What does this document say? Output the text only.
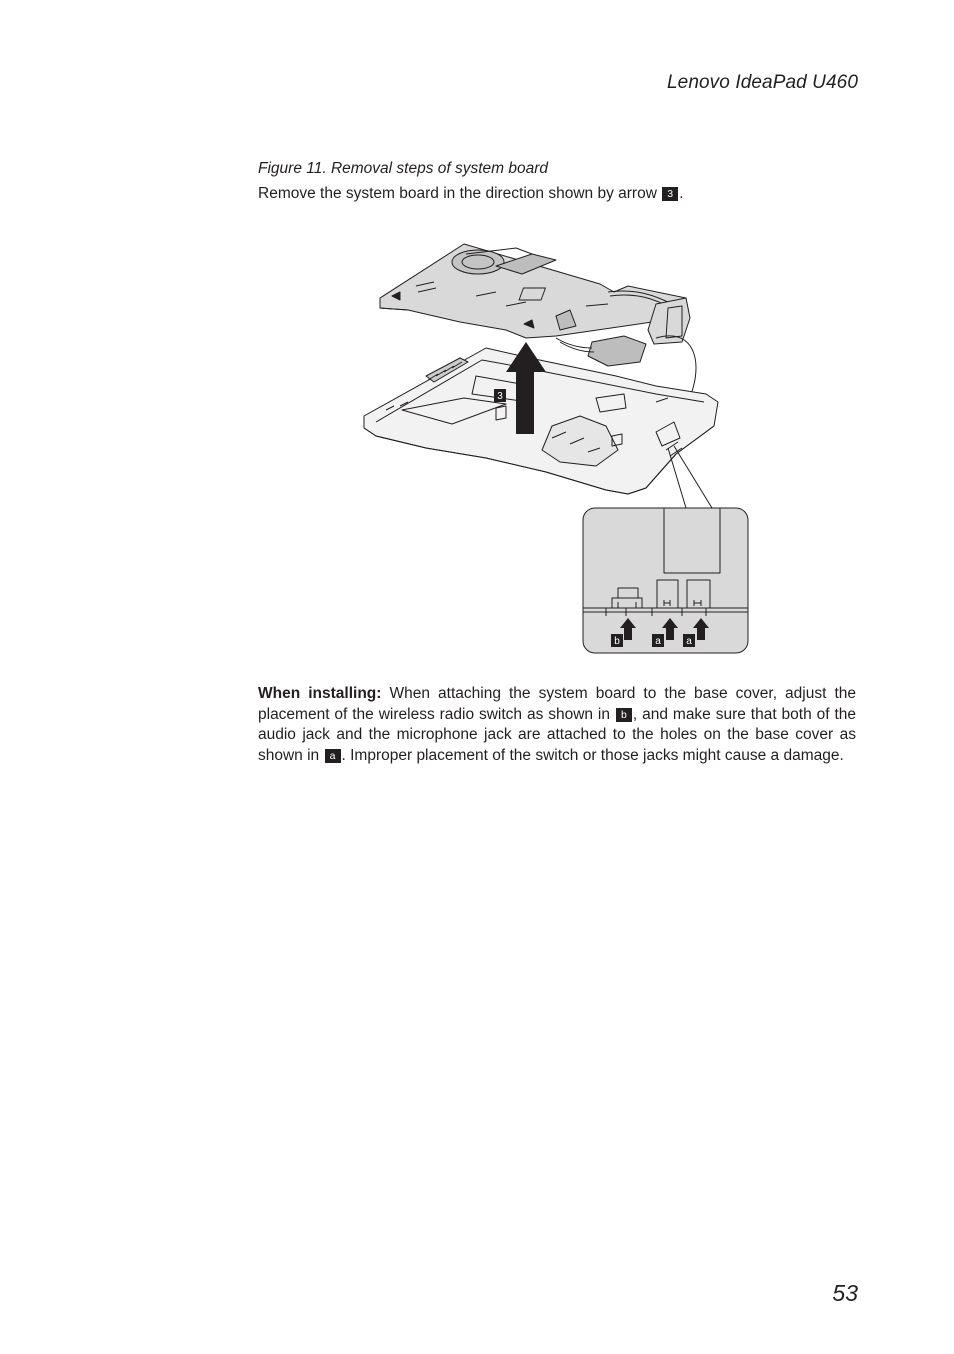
Lenovo IdeaPad U460
Figure 11. Removal steps of system board
Remove the system board in the direction shown by arrow 3 .
3
b	a	a
When installing: When attaching the system board to the base cover, adjust the placement of the wireless radio switch as shown in b , and make sure that both of the audio jack and the microphone jack are attached to the holes on the base cover as shown in a . Improper placement of the switch or those jacks might cause a damage.
53
